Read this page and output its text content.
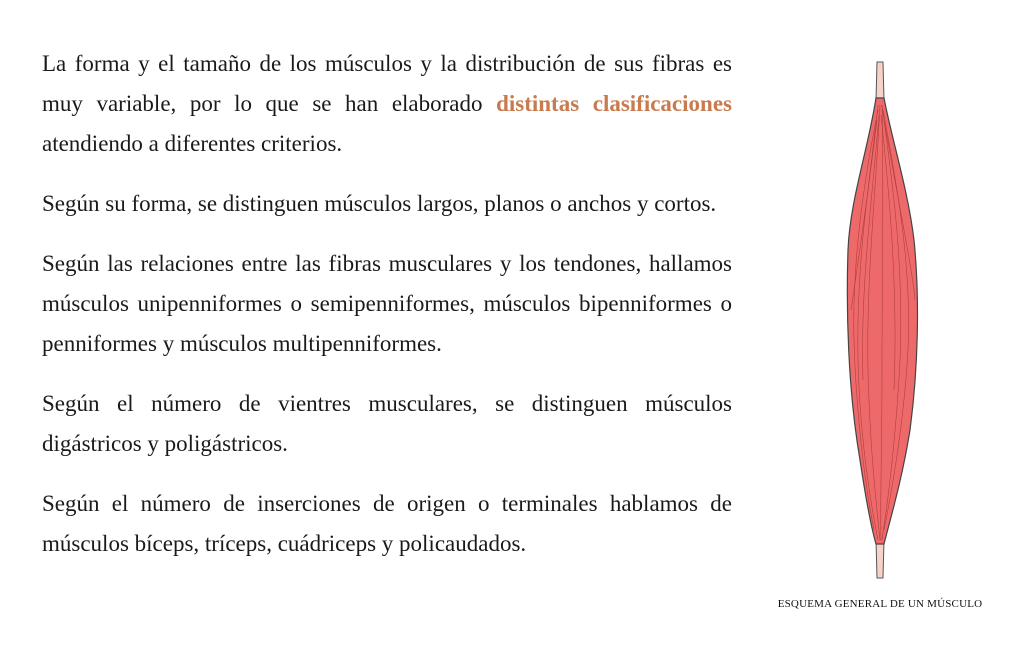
La forma y el tamaño de los músculos y la distribución de sus fibras es muy variable, por lo que se han elaborado distintas clasificaciones atendiendo a diferentes criterios.

Según su forma, se distinguen músculos largos, planos o anchos y cortos.

Según las relaciones entre las fibras musculares y los tendones, hallamos músculos unipenniformes o semipenniformes, músculos bipenniformes o penniformes y músculos multipenniformes.

Según el número de vientres musculares, se distinguen músculos digástricos y poligástricos.

Según el número de inserciones de origen o terminales hablamos de músculos bíceps, tríceps, cuádriceps y policaudados.

ESQUEMA GENERAL DE UN MÚSCULO
